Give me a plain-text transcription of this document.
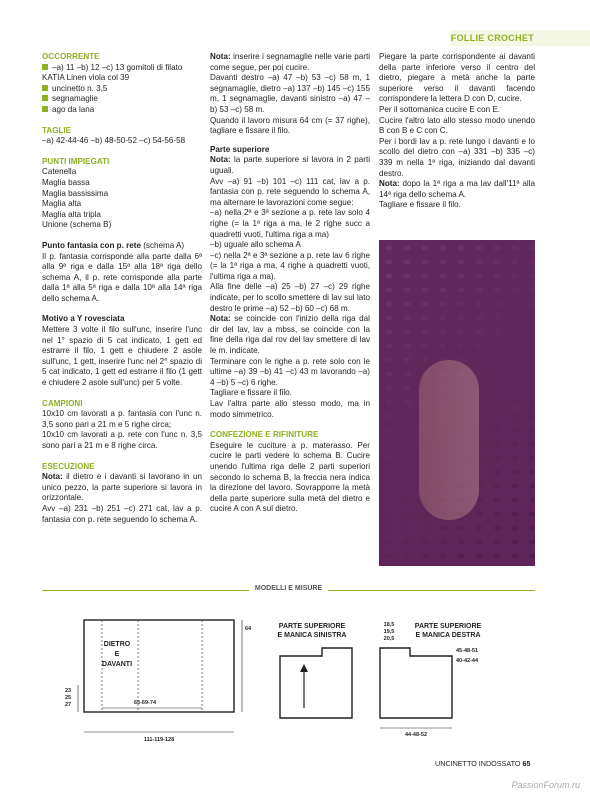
FOLLIE CROCHET
OCCORRENTE

–a) 11 –b) 12 –c) 13 gomitoli di filato

KATIA Linen viola col 39

uncinetto n. 3,5

segnamaglie

ago da lana

TAGLIE

–a) 42-44-46 –b) 48-50-52 –c) 54-56-58

PUNTI IMPIEGATI

Catenella

Maglia bassa

Maglia bassissima

Maglia alta

Maglia alta tripla

Unione (schema B)

Punto fantasia con p. rete (schema A)

Il p. fantasia corrisponde alla parte dalla 6ª alla 9ª riga e dalla 15ª alla 18ª riga dello schema A, il p. rete corrisponde alla parte dalla 1ª alla 5ª riga e dalla 10ª alla 14ª riga dello schema A.

Motivo a Y rovesciata

Mettere 3 volte il filo sull'unc, inserire l'unc nel 1° spazio di 5 cat indicato, 1 gett ed estrarre il filo, 1 gett e chiudere 2 asole sull'unc, 1 gett, inserire l'unc nel 2° spazio di 5 cat indicato, 1 gett ed estrarre il filo (1 gett e chiudere 2 asole sull'unc) per 5 volte.

CAMPIONI

10x10 cm lavorati a p. fantasia con l'unc n. 3,5 sono pari a 21 m e 5 righe circa;

10x10 cm lavorati a p. rete con l'unc n. 3,5 sono pari a 21 m e 8 righe circa.

ESECUZIONE

Nota: il dietro e i davanti si lavorano in un unico pezzo, la parte superiore si lavora in orizzontale.

Avv –a) 231 –b) 251 –c) 271 cat, lav a p. fantasia con p. rete seguendo lo schema A.

Nota: inserire i segnamaglie nelle varie parti come segue, per poi cucire.

Davanti destro –a) 47 –b) 53 –c) 58 m, 1 segnamaglie, dietro –a) 137 –b) 145 –c) 155 m, 1 segnamaglie, davanti sinistro –a) 47 –b) 53 –c) 58 m.

Quando il lavoro misura 64 cm (= 37 righe), tagliare e fissare il filo.

Parte superiore

Nota: la parte superiore si lavora in 2 parti uguali.

Avv –a) 91 –b) 101 –c) 111 cat, lav a p. fantasia con p. rete seguendo lo schema A, ma alternare le lavorazioni come segue:

–a) nella 2ª e 3ª sezione a p. rete lav solo 4 righe (= la 1ª riga a ma, le 2 righe succ a quadretti vuoti, l'ultima riga a ma)

–b) uguale allo schema A

–c) nella 2ª e 3ª sezione a p. rete lav 6 righe (= la 1ª riga a ma, 4 righe a quadretti vuoti, l'ultima riga a ma).

Alla fine delle –a) 25 –b) 27 –c) 29 righe indicate, per lo scollo smettere di lav sul lato destro le prime –a) 52 –b) 60 –c) 68 m.

Nota: se coincide con l'inizio della riga dal dir del lav, lav a mbss, se coincide con la fine della riga dal rov del lav smettere di lav le m. indicate.

Terminare con le righe a p. rete solo con le ultime –a) 39 –b) 41 –c) 43 m lavorando –a) 4 –b) 5 –c) 6 righe.

Tagliare e fissare il filo.

Lav l'altra parte allo stesso modo, ma in modo simmetrico.

CONFEZIONE E RIFINITURE

Eseguire le cuciture a p. materasso. Per cucire le parti vedere lo schema B. Cucire unendo l'ultima riga delle 2 parti superiori secondo lo schema B, la freccia nera indica la direzione del lavoro. Sovrapporre la metà della parte superiore sulla metà del dietro e cucire A con A sul dietro.

Piegare la parte corrispondente ai davanti della parte inferiore verso il centro del dietro, piegare a metà anche la parte superiore verso il davanti facendo corrispondere la lettera D con D, cucire.

Per il sottomanica cucire E con E.

Cucire l'altro lato allo stesso modo unendo B con B e C con C.

Per i bordi lav a p. rete lungo i davanti e lo scollo del dietro con –a) 331 –b) 335 –c) 339 m nella 1ª riga, iniziando dal davanti destro.

Nota: dopo la 1ª riga a ma lav dall'11ª alla 14ª riga dello schema A.

Tagliare e fissare il filo.

MODELLI E MISURE
DIETRO
E
DAVANTI
64
23
25
27	65-69-74
111-119-128
PARTE SUPERIORE
E MANICA SINISTRA
18,5
19,5
20,5
PARTE SUPERIORE
E MANICA DESTRA
45-48-51
40-42-44
44-48-52
UNCINETTO INDOSSATO 65
PassionForum.ru
